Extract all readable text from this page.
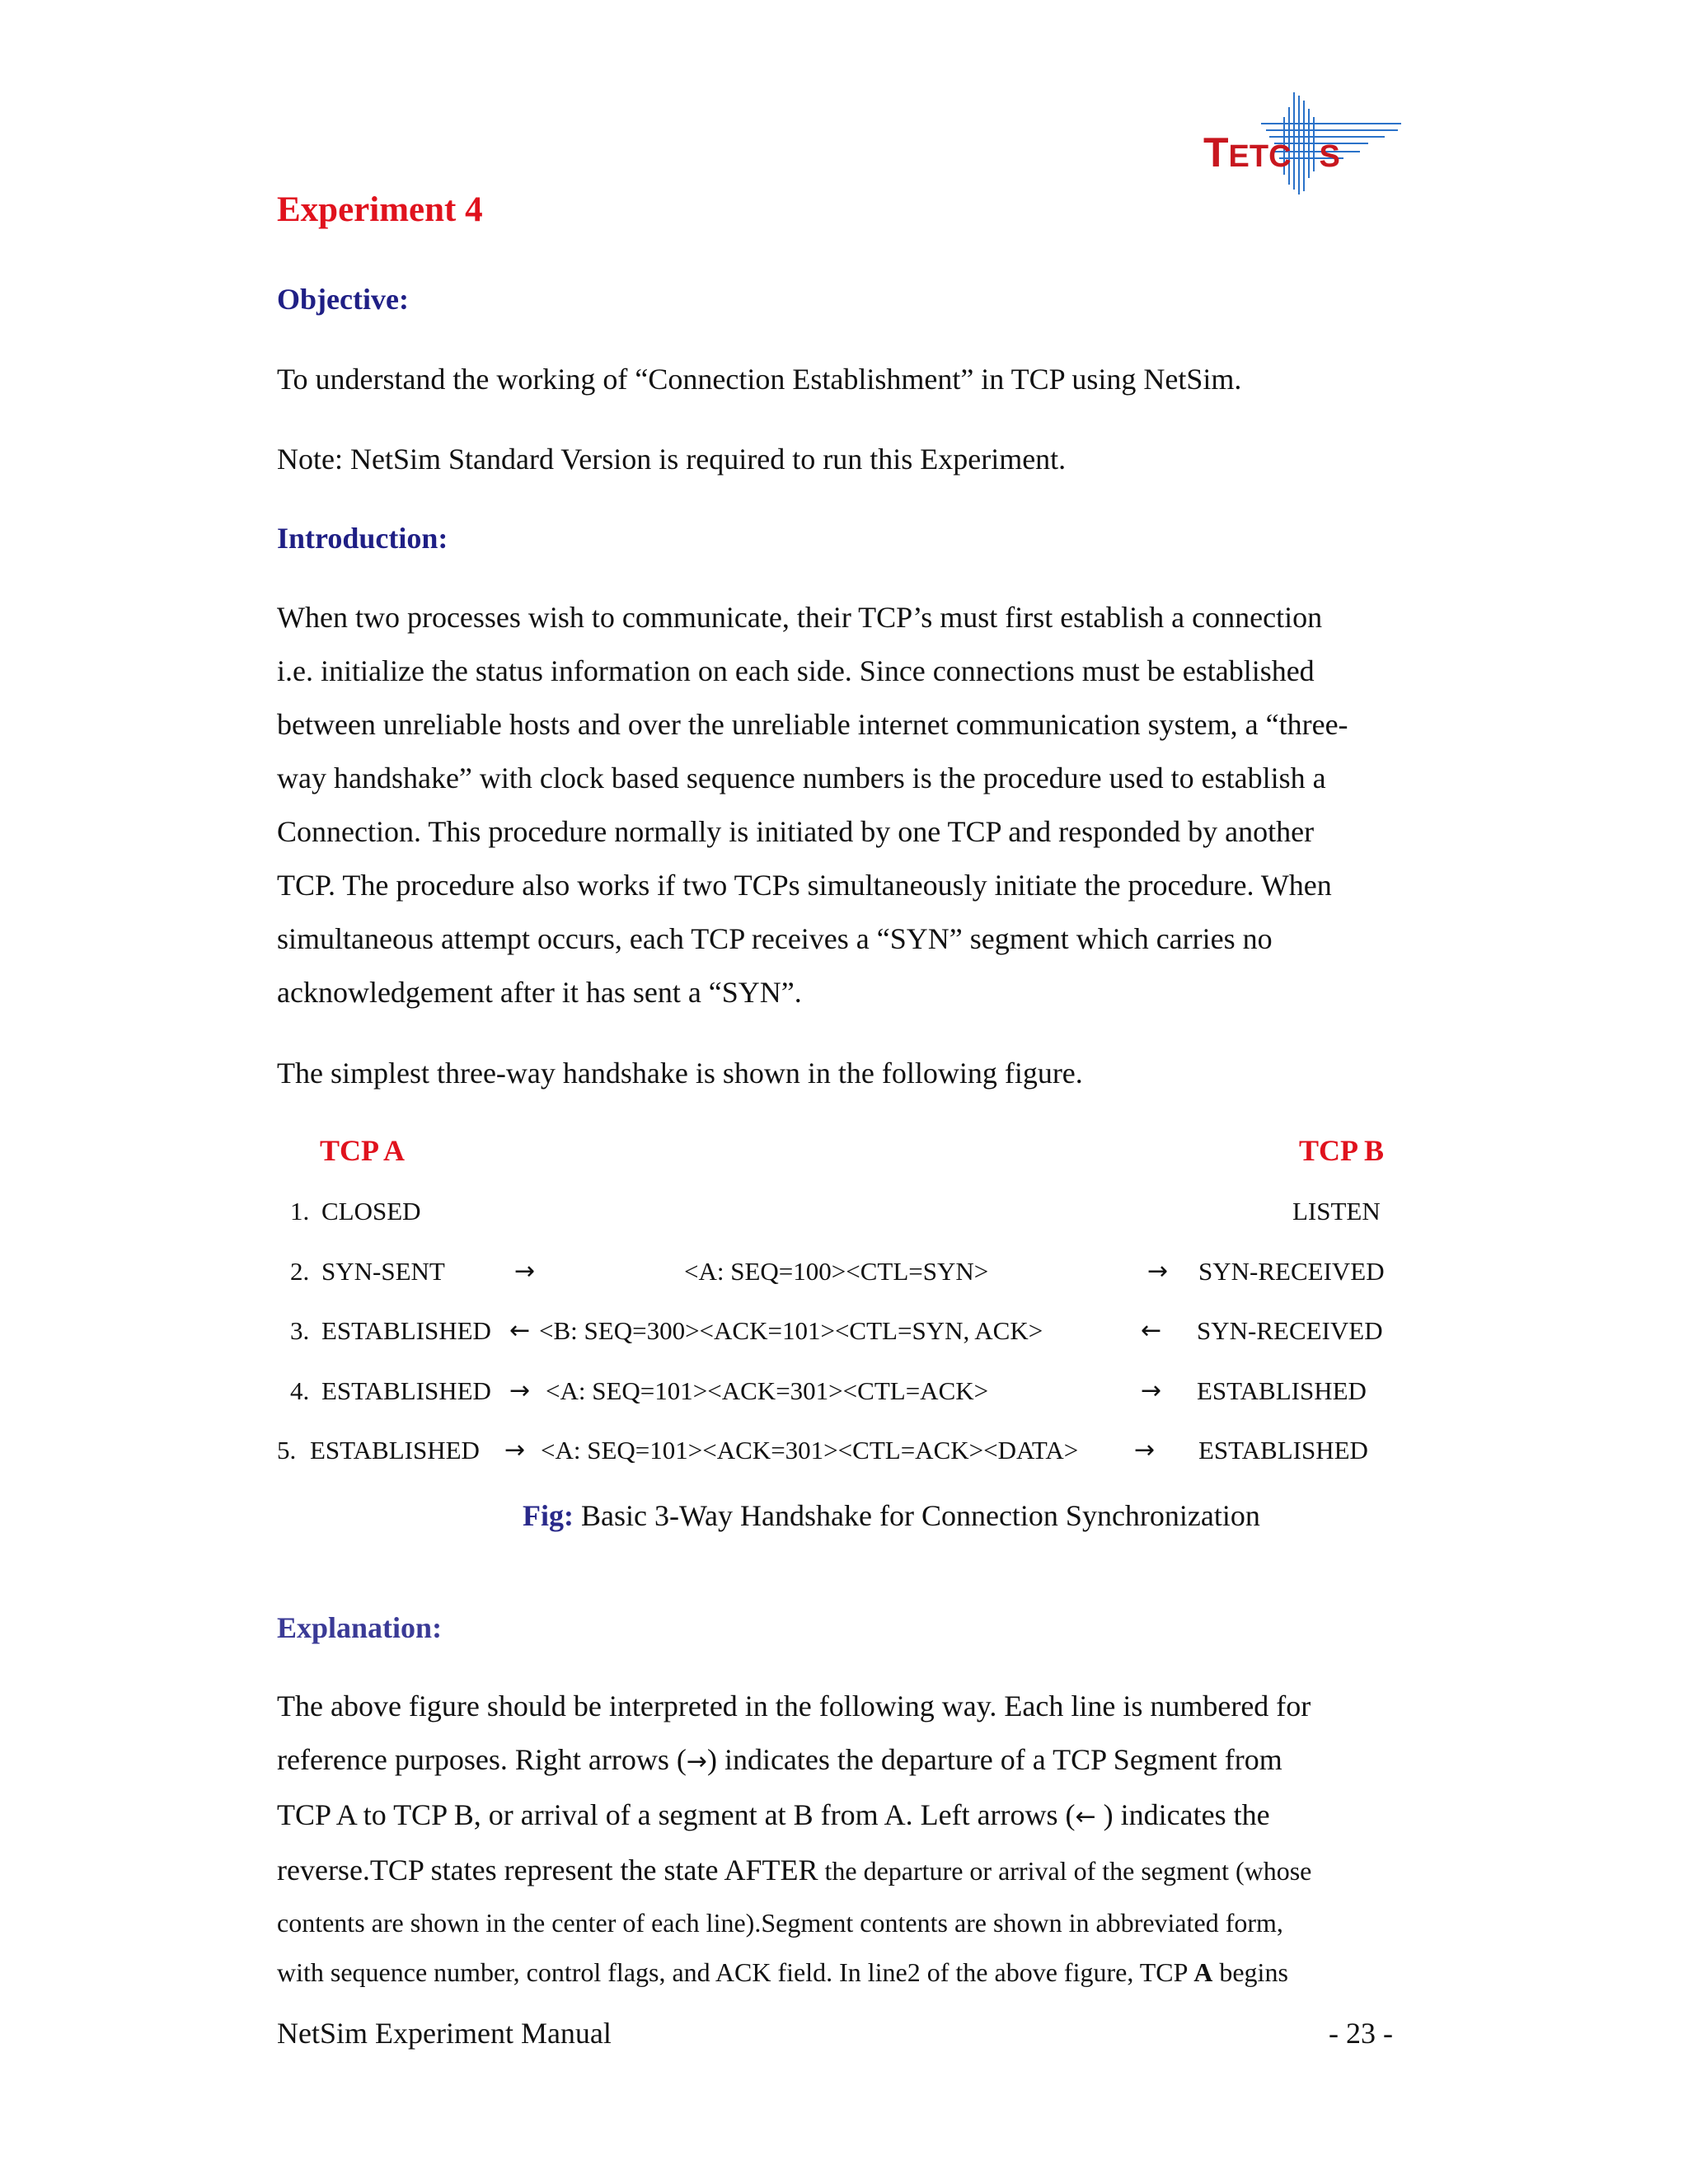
TETC S
Experiment 4
Objective:
To understand the working of “Connection Establishment” in TCP using NetSim.
Note: NetSim Standard Version is required to run this Experiment.
Introduction:
When two processes wish to communicate, their TCP’s must first establish a connection
i.e. initialize the status information on each side. Since connections must be established
between unreliable hosts and over the unreliable internet communication system, a “three-
way handshake” with clock based sequence numbers is the procedure used to establish a
Connection. This procedure normally is initiated by one TCP and responded by another
TCP. The procedure also works if two TCPs simultaneously initiate the procedure. When
simultaneous attempt occurs, each TCP receives a “SYN” segment which carries no
acknowledgement after it has sent a “SYN”.
The simplest three-way handshake is shown in the following figure.
TCP A	TCP B
1. CLOSED	LISTEN
2. SYN-SENT	→	<A: SEQ=100><CTL=SYN>	→ SYN-RECEIVED
3. ESTABLISHED ← <B: SEQ=300><ACK=101><CTL=SYN, ACK>	← SYN-RECEIVED
4. ESTABLISHED → <A: SEQ=101><ACK=301><CTL=ACK>	→ ESTABLISHED
5. ESTABLISHED → <A: SEQ=101><ACK=301><CTL=ACK><DATA> → ESTABLISHED
Fig: Basic 3-Way Handshake for Connection Synchronization
Explanation:
The above figure should be interpreted in the following way. Each line is numbered for
reference purposes. Right arrows (→) indicates the departure of a TCP Segment from
TCP A to TCP B, or arrival of a segment at B from A. Left arrows (← ) indicates the
reverse.TCP states represent the state AFTER the departure or arrival of the segment (whose
contents are shown in the center of each line).Segment contents are shown in abbreviated form,
with sequence number, control flags, and ACK field. In line2 of the above figure, TCP A begins
NetSim Experiment Manual	- 23 -
